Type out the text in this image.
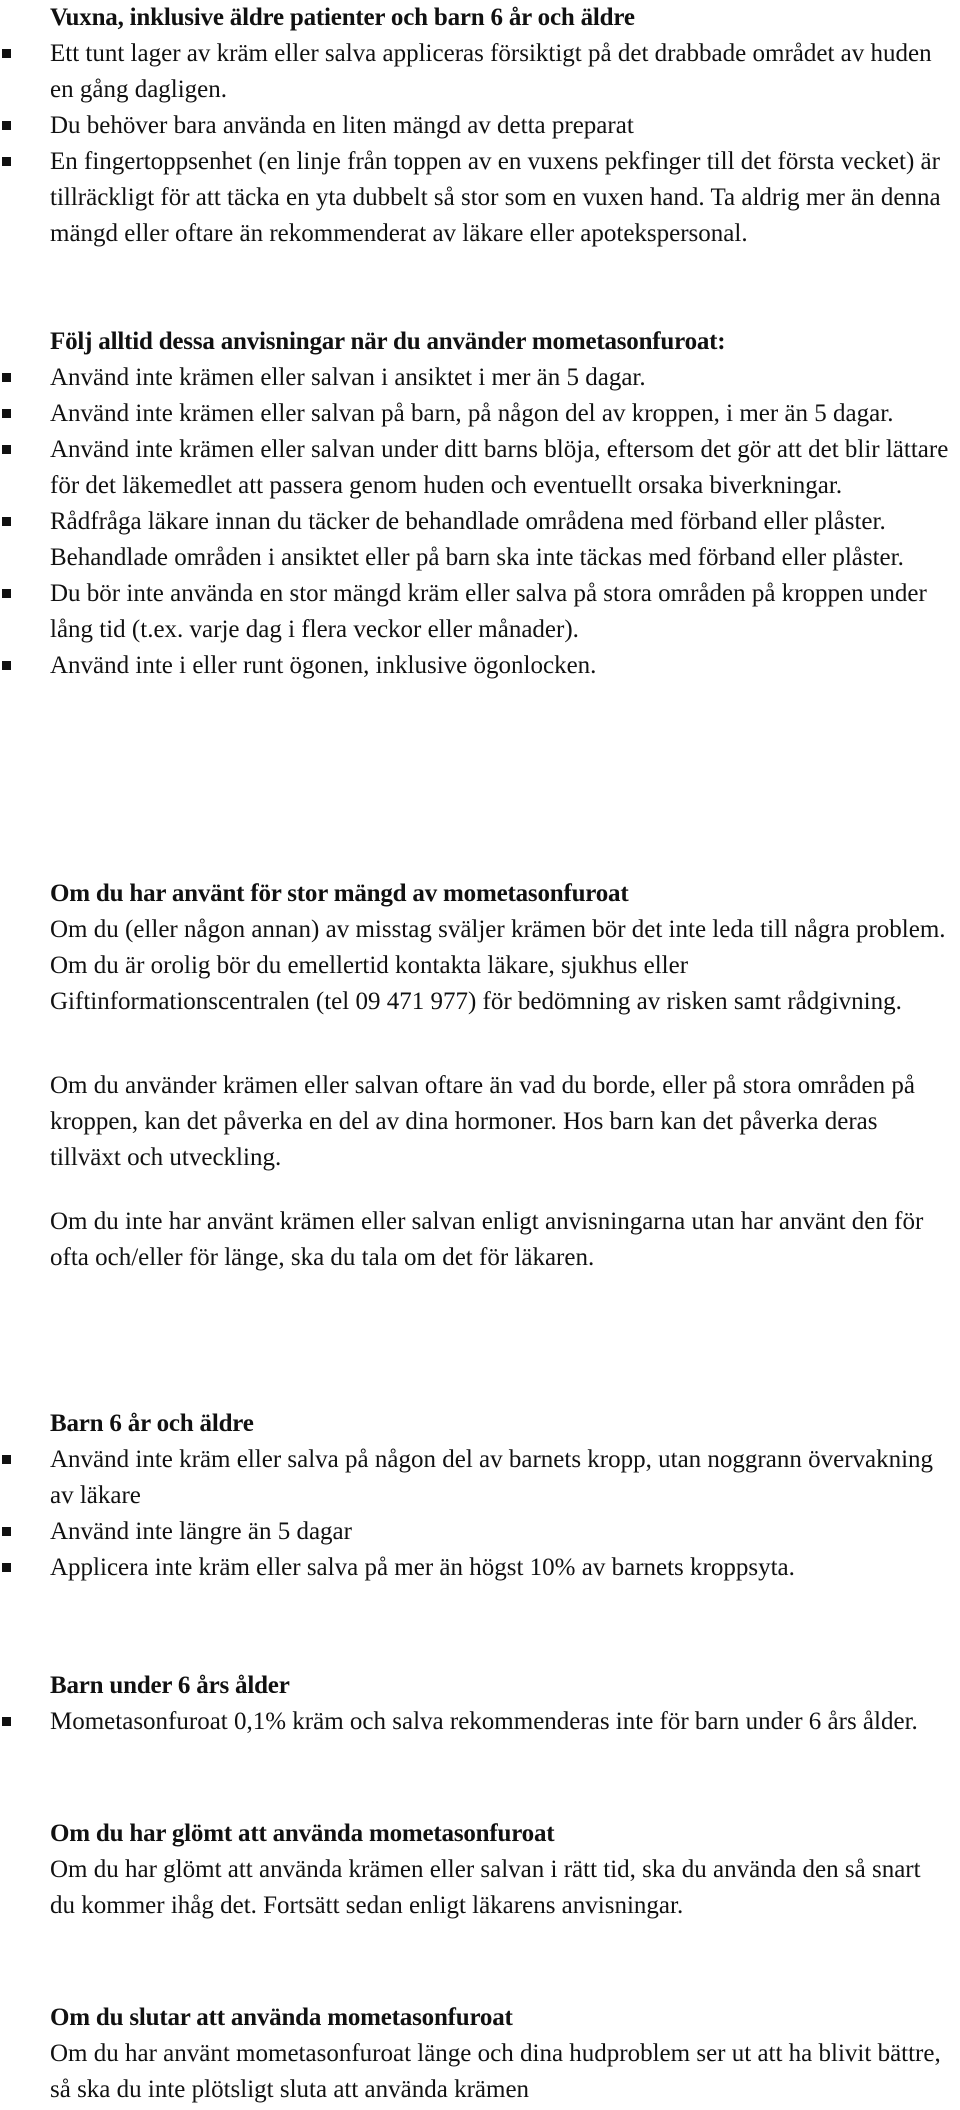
Vuxna, inklusive äldre patienter och barn 6 år och äldre
Ett tunt lager av kräm eller salva appliceras försiktigt på det drabbade området av huden en gång dagligen.
Du behöver bara använda en liten mängd av detta preparat
En fingertoppsenhet (en linje från toppen av en vuxens pekfinger till det första vecket) är tillräckligt för att täcka en yta dubbelt så stor som en vuxen hand. Ta aldrig mer än denna mängd eller oftare än rekommenderat av läkare eller apotekspersonal.
Följ alltid dessa anvisningar när du använder mometasonfuroat:
Använd inte krämen eller salvan i ansiktet i mer än 5 dagar.
Använd inte krämen eller salvan på barn, på någon del av kroppen, i mer än 5 dagar.
Använd inte krämen eller salvan under ditt barns blöja, eftersom det gör att det blir lättare för det läkemedlet att passera genom huden och eventuellt orsaka biverkningar.
Rådfråga läkare innan du täcker de behandlade områdena med förband eller plåster. Behandlade områden i ansiktet eller på barn ska inte täckas med förband eller plåster.
Du bör inte använda en stor mängd kräm eller salva på stora områden på kroppen under lång tid (t.ex. varje dag i flera veckor eller månader).
Använd inte i eller runt ögonen, inklusive ögonlocken.
Om du har använt för stor mängd av mometasonfuroat

Om du (eller någon annan) av misstag sväljer krämen bör det inte leda till några problem. Om du är orolig bör du emellertid kontakta läkare, sjukhus eller Giftinformationscentralen (tel 09 471 977) för bedömning av risken samt rådgivning.

Om du använder krämen eller salvan oftare än vad du borde, eller på stora områden på kroppen, kan det påverka en del av dina hormoner. Hos barn kan det påverka deras tillväxt och utveckling.

Om du inte har använt krämen eller salvan enligt anvisningarna utan har använt den för ofta och/eller för länge, ska du tala om det för läkaren.

Barn 6 år och äldre
Använd inte kräm eller salva på någon del av barnets kropp, utan noggrann övervakning av läkare
Använd inte längre än 5 dagar
Applicera inte kräm eller salva på mer än högst 10% av barnets kroppsyta.
Barn under 6 års ålder
Mometasonfuroat 0,1% kräm och salva rekommenderas inte för barn under 6 års ålder.
Om du har glömt att använda mometasonfuroat

Om du har glömt att använda krämen eller salvan i rätt tid, ska du använda den så snart du kommer ihåg det. Fortsätt sedan enligt läkarens anvisningar.

Om du slutar att använda mometasonfuroat

Om du har använt mometasonfuroat länge och dina hudproblem ser ut att ha blivit bättre, så ska du inte plötsligt sluta att använda krämen
